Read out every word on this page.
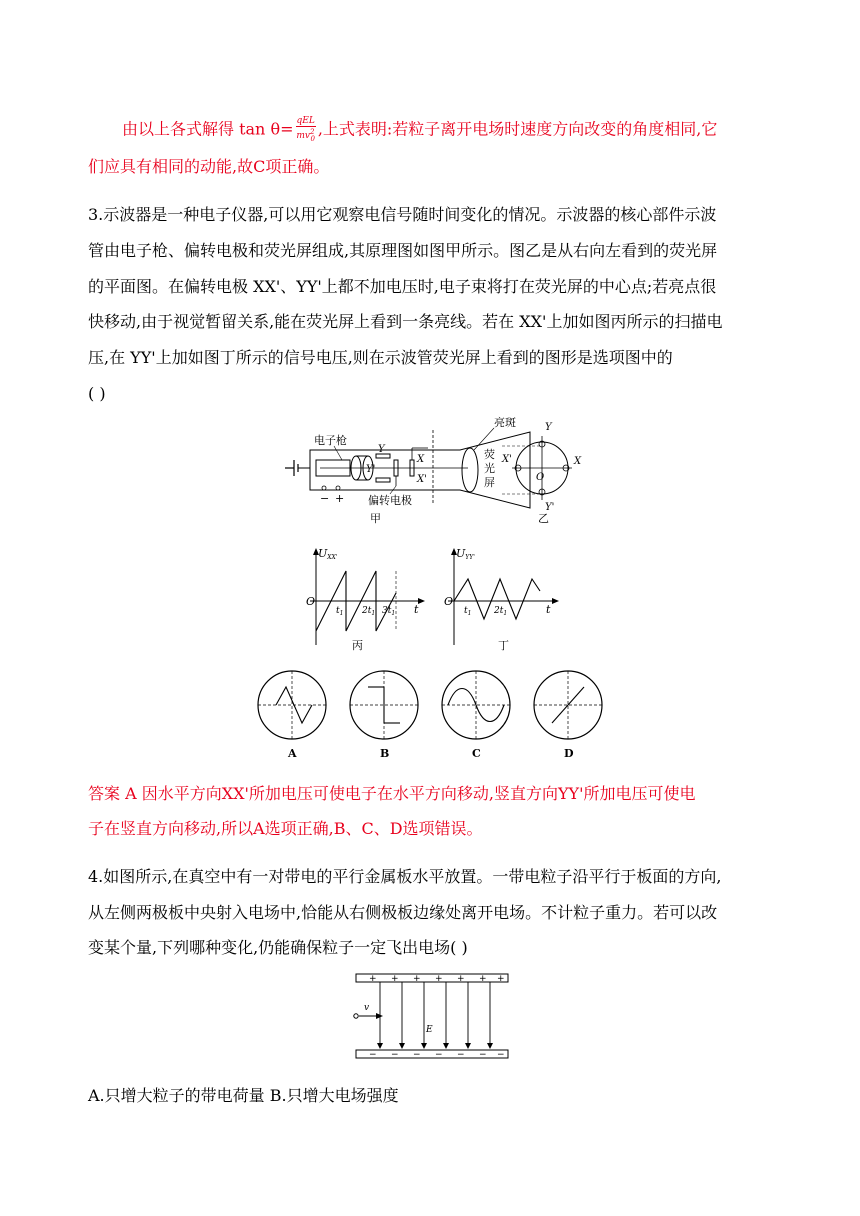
由以上各式解得 $\tan \theta= \frac{\text{qEL}}{mv^2_0}$ ,上式表明:若粒子离开电场时速度方向改变的角度相同,它
们应具有相同的动能,故C项正确。
3.示波器是一种电子仪器,可以用它观察电信号随时间变化的情况。示波器的核心部件示波
管由电子枪、偏转电极和荧光屏组成,其原理图如图甲所示。图乙是从右向左看到的荧光屏
的平面图。在偏转电极 XX'、YY'上都不加电压时,电子束将打在荧光屏的中心点;若亮点很
快移动,由于视觉暂留关系,能在荧光屏上看到一条亮线。若在 XX'上加如图丙所示的扫描电
压,在 YY'上加如图丁所示的信号电压,则在示波管荧光屏上看到的图形是选项图中的
( )
− +
电子枪
亮斑
荧
光
屏
偏转电极
X
X'
Y
Y'
甲
Y
Y'
X
X'
O
乙
UXX'
O
$t_1$ $2t_1$ $3t_1$ t
丙
UYY'
O
$t_1$	$2t_1$	t
丁
A	B	C	D
答案 A 因水平方向XX'所加电压可使电子在水平方向移动,竖直方向YY'所加电压可使电
子在竖直方向移动,所以A选项正确,B、C、D选项错误。
4.如图所示,在真空中有一对带电的平行金属板水平放置。一带电粒子沿平行于板面的方向,
从左侧两极板中央射入电场中,恰能从右侧极板边缘处离开电场。不计粒子重力。若可以改
变某个量,下列哪种变化,仍能确保粒子一定飞出电场( )
+ + + + + + +
− − − − − − −
v
E
A.只增大粒子的带电荷量 B.只增大电场强度
